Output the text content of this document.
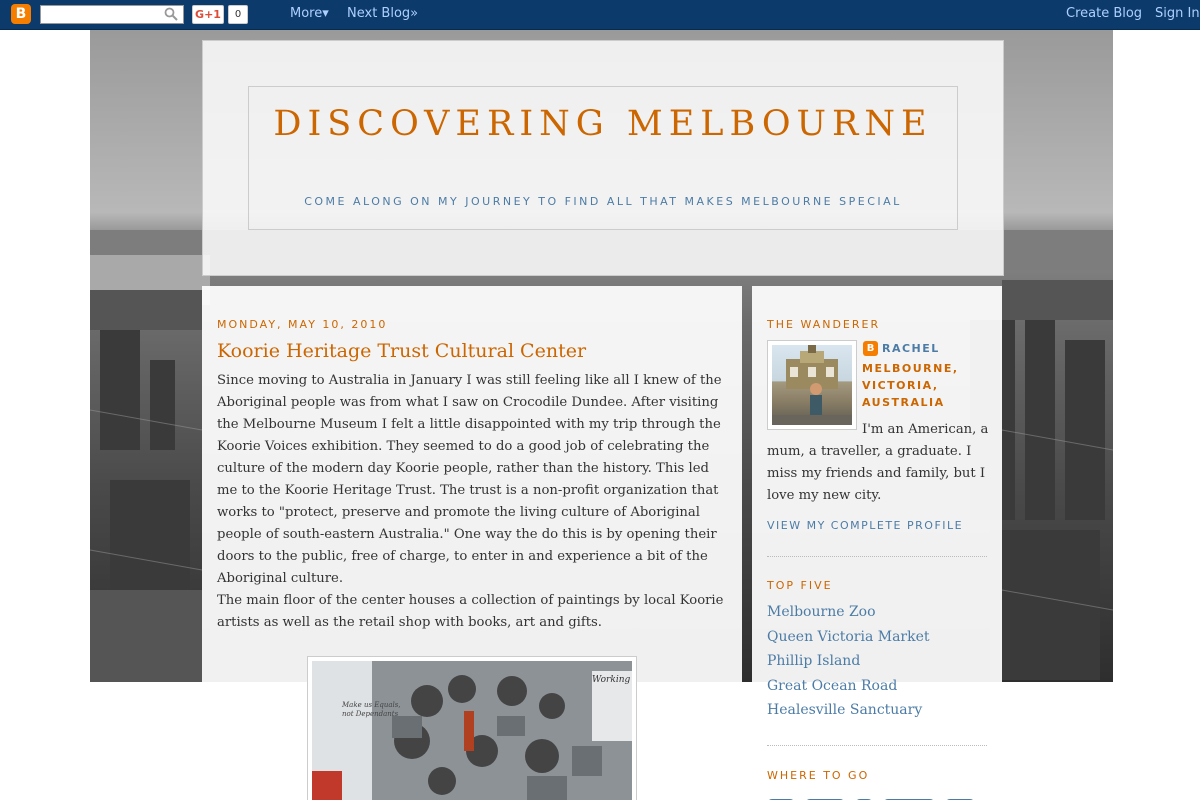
B	G+1	0	More▾ Next Blog»	Create Blog Sign In
DISCOVERING MELBOURNE
COME ALONG ON MY JOURNEY TO FIND ALL THAT MAKES MELBOURNE SPECIAL
MONDAY, MAY 10, 2010
Koorie Heritage Trust Cultural Center

Since moving to Australia in January I was still feeling like all I knew of the Aboriginal people was from what I saw on Crocodile Dundee. After visiting the Melbourne Museum I felt a little disappointed with my trip through the Koorie Voices exhibition. They seemed to do a good job of celebrating the culture of the modern day Koorie people, rather than the history. This led me to the Koorie Heritage Trust. The trust is a non-profit organization that works to "protect, preserve and promote the living culture of Aboriginal people of south-eastern Australia." One way the do this is by opening their doors to the public, free of charge, to enter in and experience a bit of the Aboriginal culture.

The main floor of the center houses a collection of paintings by local Koorie artists as well as the retail shop with books, art and gifts.

Make us Equals, not Dependants
Working
THE WANDERER
B RACHEL
MELBOURNE, VICTORIA, AUSTRALIA
I'm an American, a mum, a traveller, a graduate. I miss my friends and family, but I love my new city.
VIEW MY COMPLETE PROFILE
TOP FIVE
Melbourne Zoo
Queen Victoria Market
Phillip Island
Great Ocean Road
Healesville Sanctuary
WHERE TO GO
